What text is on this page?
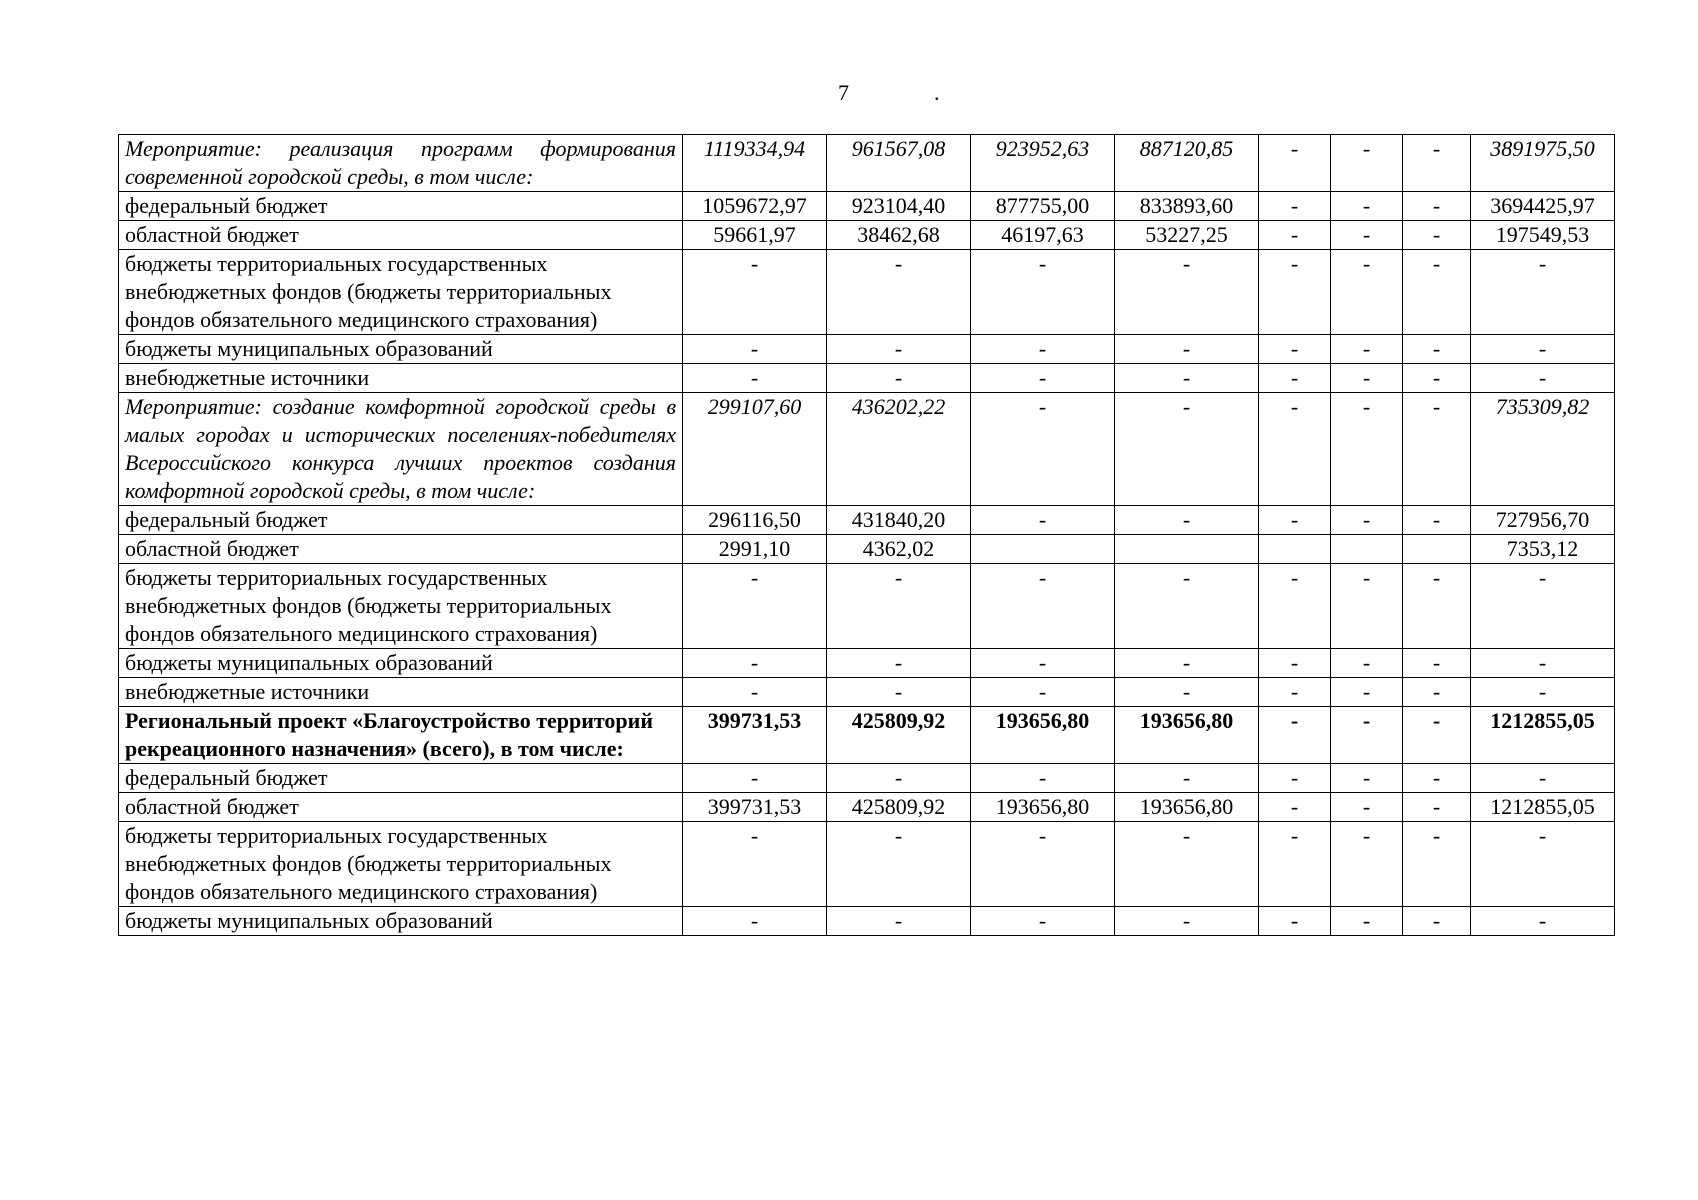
7	.
Мероприятие: реализация программ формирования современной городской среды, в том числе:	1119334,94	961567,08	923952,63	887120,85	-	-	-	3891975,50
федеральный бюджет	1059672,97	923104,40	877755,00	833893,60	-	-	-	3694425,97
областной бюджет	59661,97	38462,68	46197,63	53227,25	-	-	-	197549,53
бюджеты территориальных государственных внебюджетных фондов (бюджеты территориальных фондов обязательного медицинского страхования)	-	-	-	-	-	-	-	-
бюджеты муниципальных образований	-	-	-	-	-	-	-	-
внебюджетные источники	-	-	-	-	-	-	-	-
Мероприятие: создание комфортной городской среды в малых городах и исторических поселениях-победителях Всероссийского конкурса лучших проектов создания комфортной городской среды, в том числе:	299107,60	436202,22	-	-	-	-	-	735309,82
федеральный бюджет	296116,50	431840,20	-	-	-	-	-	727956,70
областной бюджет	2991,10	4362,02						7353,12
бюджеты территориальных государственных внебюджетных фондов (бюджеты территориальных фондов обязательного медицинского страхования)	-	-	-	-	-	-	-	-
бюджеты муниципальных образований	-	-	-	-	-	-	-	-
внебюджетные источники	-	-	-	-	-	-	-	-
Региональный проект «Благоустройство территорий рекреационного назначения» (всего), в том числе:	399731,53	425809,92	193656,80	193656,80	-	-	-	1212855,05
федеральный бюджет	-	-	-	-	-	-	-	-
областной бюджет	399731,53	425809,92	193656,80	193656,80	-	-	-	1212855,05
бюджеты территориальных государственных внебюджетных фондов (бюджеты территориальных фондов обязательного медицинского страхования)	-	-	-	-	-	-	-	-
бюджеты муниципальных образований	-	-	-	-	-	-	-	-
